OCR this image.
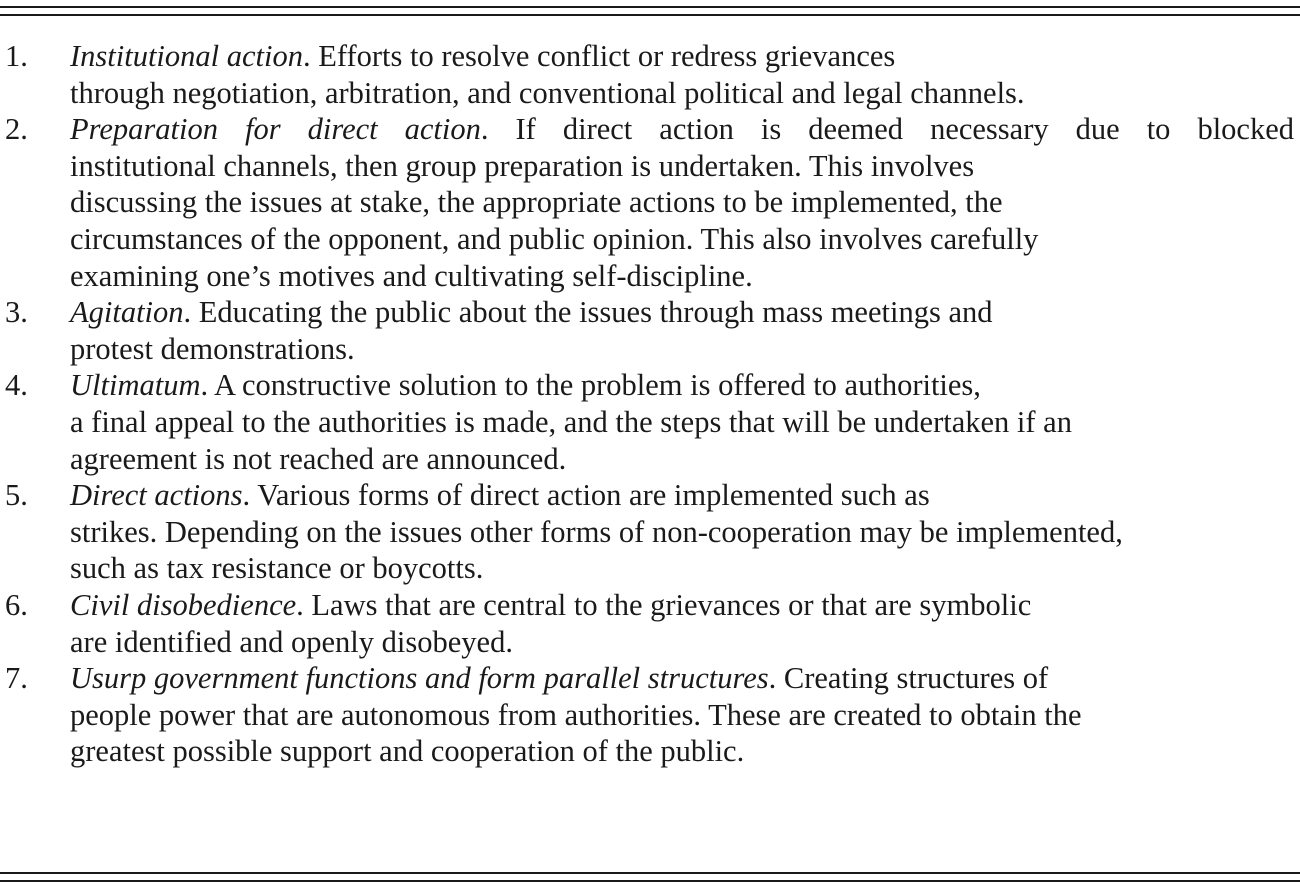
1. Institutional action. Efforts to resolve conflict or redress grievances
through negotiation, arbitration, and conventional political and legal channels.
2. Preparation for direct action. If direct action is deemed necessary due to blocked
institutional channels, then group preparation is undertaken. This involves
discussing the issues at stake, the appropriate actions to be implemented, the
circumstances of the opponent, and public opinion. This also involves carefully
examining one’s motives and cultivating self-discipline.
3. Agitation. Educating the public about the issues through mass meetings and
protest demonstrations.
4. Ultimatum. A constructive solution to the problem is offered to authorities,
a final appeal to the authorities is made, and the steps that will be undertaken if an
agreement is not reached are announced.
5. Direct actions. Various forms of direct action are implemented such as
strikes. Depending on the issues other forms of non-cooperation may be implemented,
such as tax resistance or boycotts.
6. Civil disobedience. Laws that are central to the grievances or that are symbolic
are identified and openly disobeyed.
7. Usurp government functions and form parallel structures. Creating structures of
people power that are autonomous from authorities. These are created to obtain the
greatest possible support and cooperation of the public.
